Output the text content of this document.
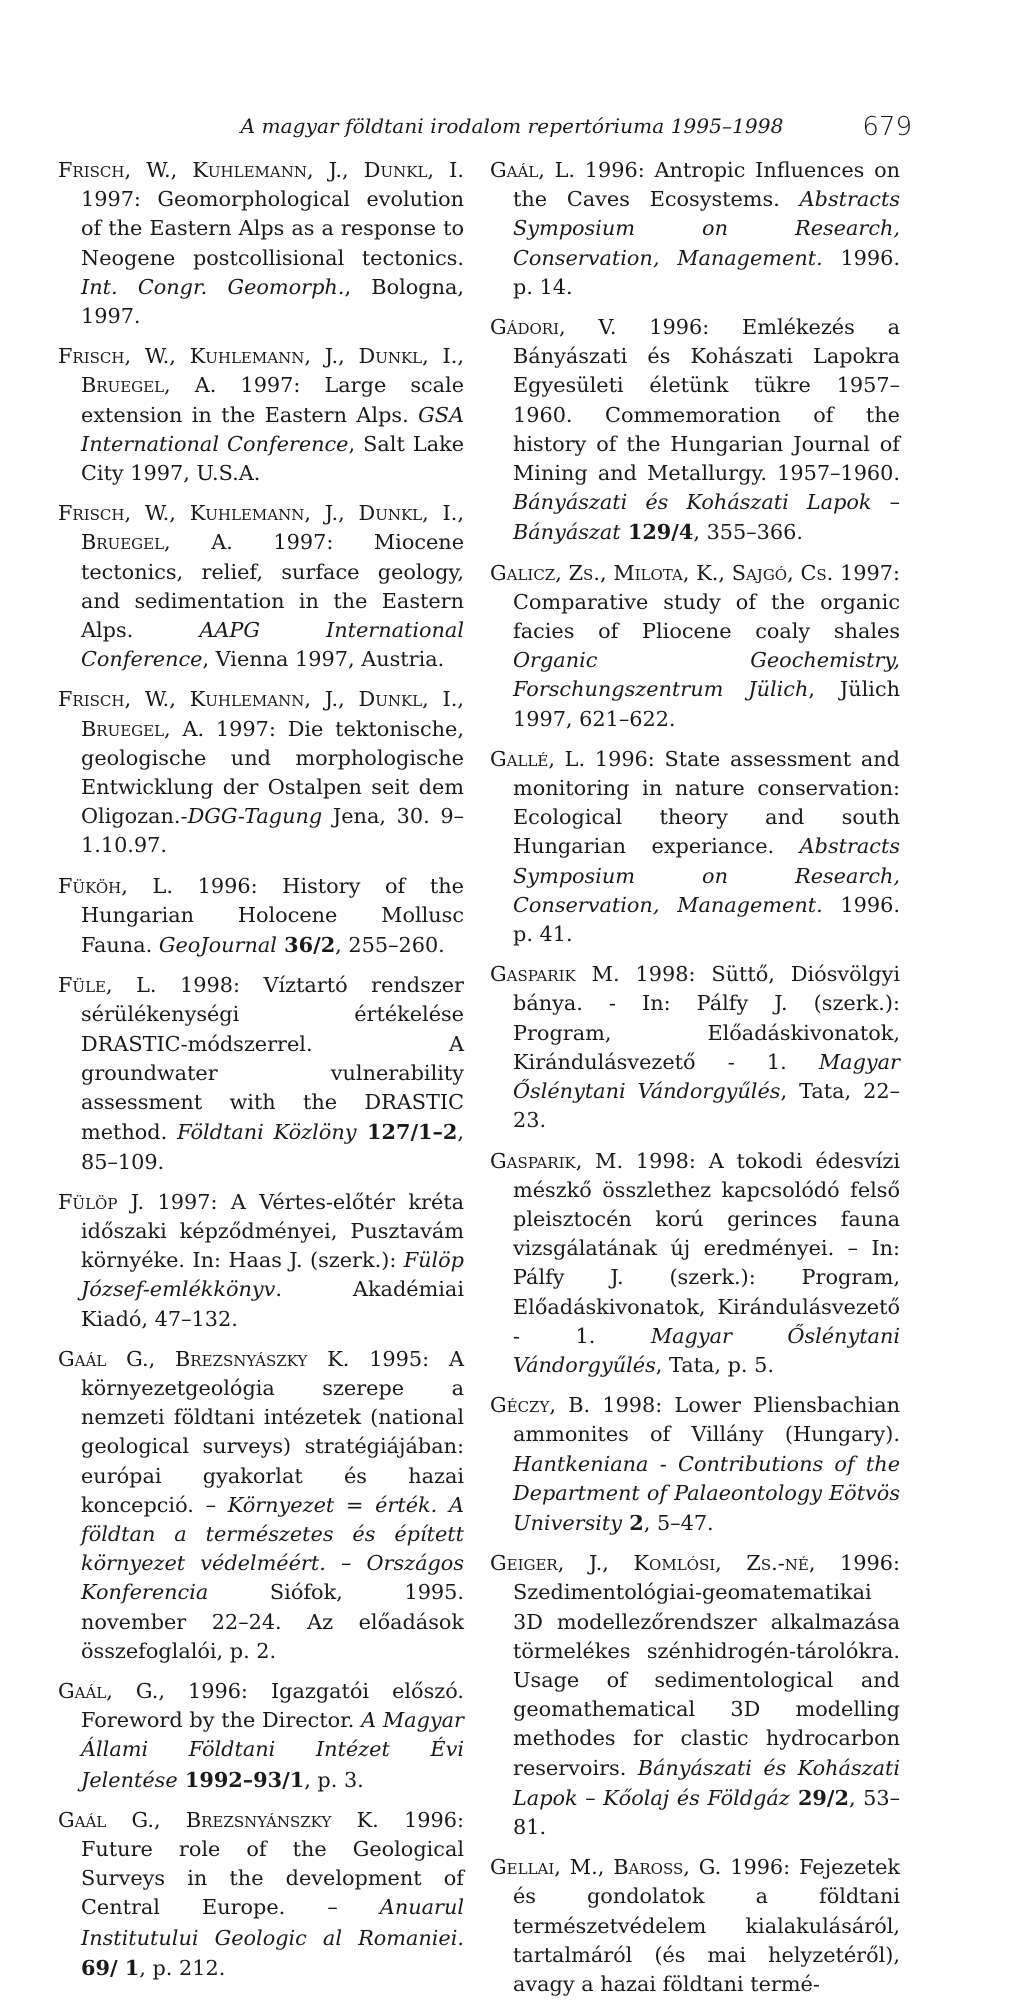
A magyar földtani irodalom repertóriuma 1995–1998	679

Frisch, W., Kuhlemann, J., Dunkl, I. 1997: Geomorphological evolution of the Eastern Alps as a response to Neogene postcollisional tectonics. Int. Congr. Geomorph., Bologna, 1997.

Frisch, W., Kuhlemann, J., Dunkl, I., Bruegel, A. 1997: Large scale extension in the Eastern Alps. GSA International Conference, Salt Lake City 1997, U.S.A.

Frisch, W., Kuhlemann, J., Dunkl, I., Bruegel, A. 1997: Miocene tectonics, relief, surface geology, and sedimentation in the Eastern Alps. AAPG International Conference, Vienna 1997, Austria.

Frisch, W., Kuhlemann, J., Dunkl, I., Bruegel, A. 1997: Die tektonische, geologische und morphologische Entwicklung der Ostalpen seit dem Oligozan.-DGG-Tagung Jena, 30. 9–1.10.97.

Füköh, L. 1996: History of the Hungarian Holocene Mollusc Fauna. GeoJournal 36/2, 255–260.

Füle, L. 1998: Víztartó rendszer sérülékenységi értékelése DRASTIC-módszerrel. A groundwater vulnerability assessment with the DRASTIC method. Földtani Közlöny 127/1–2, 85–109.

Fülöp J. 1997: A Vértes-előtér kréta időszaki képződményei, Pusztavám környéke. In: Haas J. (szerk.): Fülöp József-emlékkönyv. Akadémiai Kiadó, 47–132.

Gaál G., Brezsnyászky K. 1995: A környezetgeológia szerepe a nemzeti földtani intézetek (national geological surveys) stratégiájában: európai gyakorlat és hazai koncepció. – Környezet = érték. A földtan a természetes és épített környezet védelméért. – Országos Konferencia Siófok, 1995. november 22–24. Az előadások összefoglalói, p. 2.

Gaál, G., 1996: Igazgatói előszó. Foreword by the Director. A Magyar Állami Földtani Intézet Évi Jelentése 1992–93/1, p. 3.

Gaál G., Brezsnyánszky K. 1996: Future role of the Geological Surveys in the development of Central Europe. – Anuarul Institutului Geologic al Romaniei. 69/ 1, p. 212.

Gaál, L. 1996: Antropic Influences on the Caves Ecosystems. Abstracts Symposium on Research, Conservation, Management. 1996. p. 14.

Gádori, V. 1996: Emlékezés a Bányászati és Kohászati Lapokra Egyesületi életünk tükre 1957–1960. Commemoration of the history of the Hungarian Journal of Mining and Metallurgy. 1957–1960. Bányászati és Kohászati Lapok – Bányászat 129/4, 355–366.

Galicz, Zs., Milota, K., Sajgó, Cs. 1997: Comparative study of the organic facies of Pliocene coaly shales Organic Geochemistry, Forschungszentrum Jülich, Jülich 1997, 621–622.

Gallé, L. 1996: State assessment and monitoring in nature conservation: Ecological theory and south Hungarian experiance. Abstracts Symposium on Research, Conservation, Management. 1996. p. 41.

Gasparik M. 1998: Süttő, Diósvölgyi bánya. - In: Pálfy J. (szerk.): Program, Előadáskivonatok, Kirándulásvezető - 1. Magyar Őslénytani Vándorgyűlés, Tata, 22–23.

Gasparik, M. 1998: A tokodi édesvízi mészkő összlethez kapcsolódó felső pleisztocén korú gerinces fauna vizsgálatának új eredményei. – In: Pálfy J. (szerk.): Program, Előadáskivonatok, Kirándulásvezető - 1. Magyar Őslénytani Vándorgyűlés, Tata, p. 5.

Géczy, B. 1998: Lower Pliensbachian ammonites of Villány (Hungary). Hantkeniana - Contributions of the Department of Palaeontology Eötvös University 2, 5–47.

Geiger, J., Komlósi, Zs.-né, 1996: Szedimentológiai-geomatematikai 3D modellezőrendszer alkalmazása törmelékes szénhidrogén-tárolókra. Usage of sedimentological and geomathematical 3D modelling methodes for clastic hydrocarbon reservoirs. Bányászati és Kohászati Lapok – Kőolaj és Földgáz 29/2, 53–81.

Gellai, M., Baross, G. 1996: Fejezetek és gondolatok a földtani természetvédelem kialakulásáról, tartalmáról (és mai helyzetéről), avagy a hazai földtani termé-
